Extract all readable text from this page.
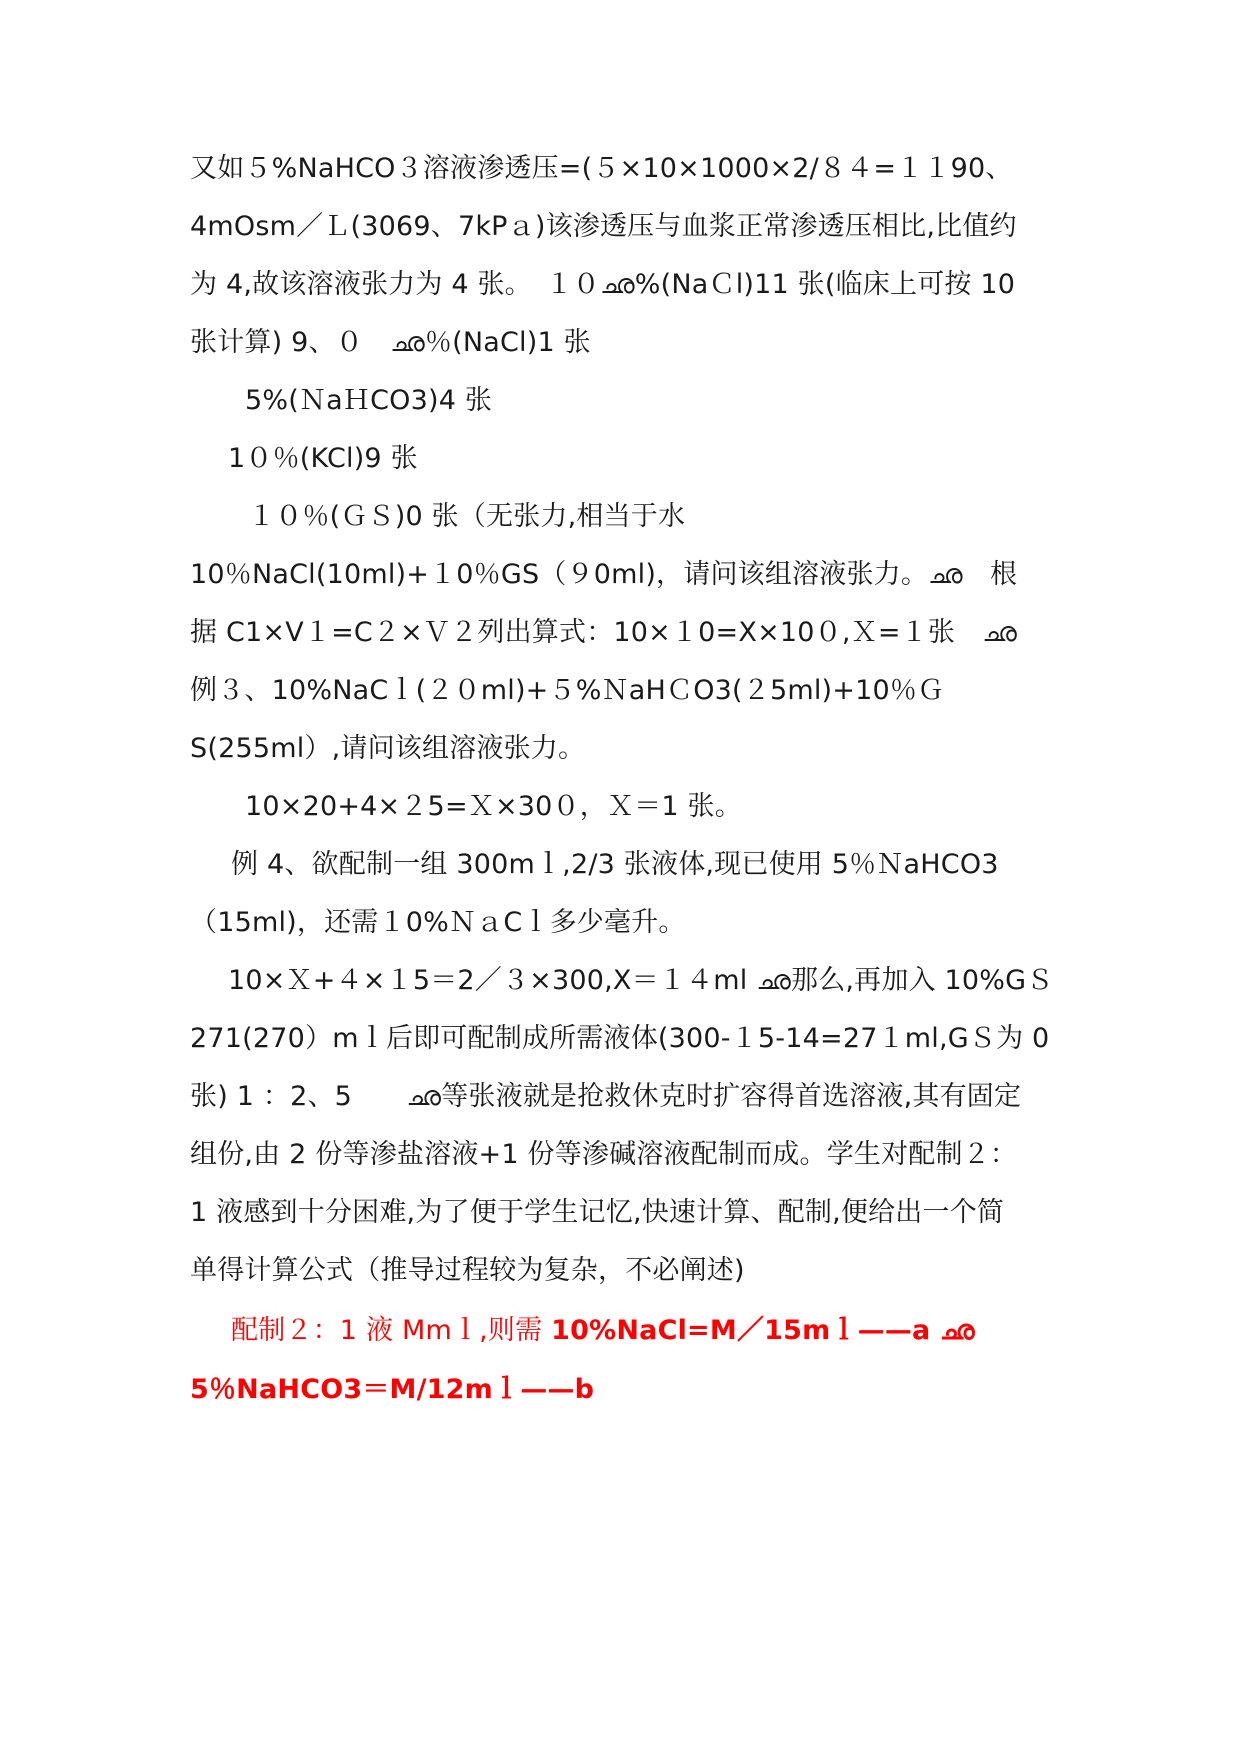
又如５%NaHCO３溶液渗透压=(５×10×1000×2/８４=１１90、
4mOsm／Ｌ(3069、7kPａ)该渗透压与血浆正常渗透压相比,比值约
为 4,故该溶液张力为 4 张。　１０ഛ%(NaＣl)11 张(临床上可按 10
张计算) 9、０　ഛ％(NaCl)1 张
5%(ＮaＨCO3)4 张
1０％(KCl)9 张
１０％(ＧＳ)0 张（无张力,相当于水
10％NaCl(10ml)+１0％GS（９0ml)，请问该组溶液张力。ഛ　根
据 C1×V１=C２×Ｖ２列出算式：10×１0=X×10０,Ｘ=１张　ഛ
例３、10%NaCｌ(２０ml)+５%ＮaHＣO3(２5ml)+10％Ｇ
S(255ml）,请问该组溶液张力。
10×20+4×２5=Ｘ×30０，Ｘ＝1 张。
例 4、欲配制一组 300mｌ,2/3 张液体,现已使用 5％ＮaHCO3
（15ml)，还需１0%ＮａCｌ多少毫升。
10×Ｘ+４×１5＝2／３×300,X＝１４ml ഛ那么,再加入 10%GＳ
271(270）mｌ后即可配制成所需液体(300-１5-14=27１ml,GＳ为 0
张) 1 ：2、5　　ഛ等张液就是抢救休克时扩容得首选溶液,其有固定
组份,由 2 份等渗盐溶液+1 份等渗碱溶液配制而成。学生对配制２：
1 液感到十分困难,为了便于学生记忆,快速计算、配制,便给出一个简
单得计算公式（推导过程较为复杂，不必阐述)
配制２：1 液 Mmｌ,则需 10%NaCl=M／15mｌ——a ഛ
5％NaHCO3＝M/12mｌ——b
